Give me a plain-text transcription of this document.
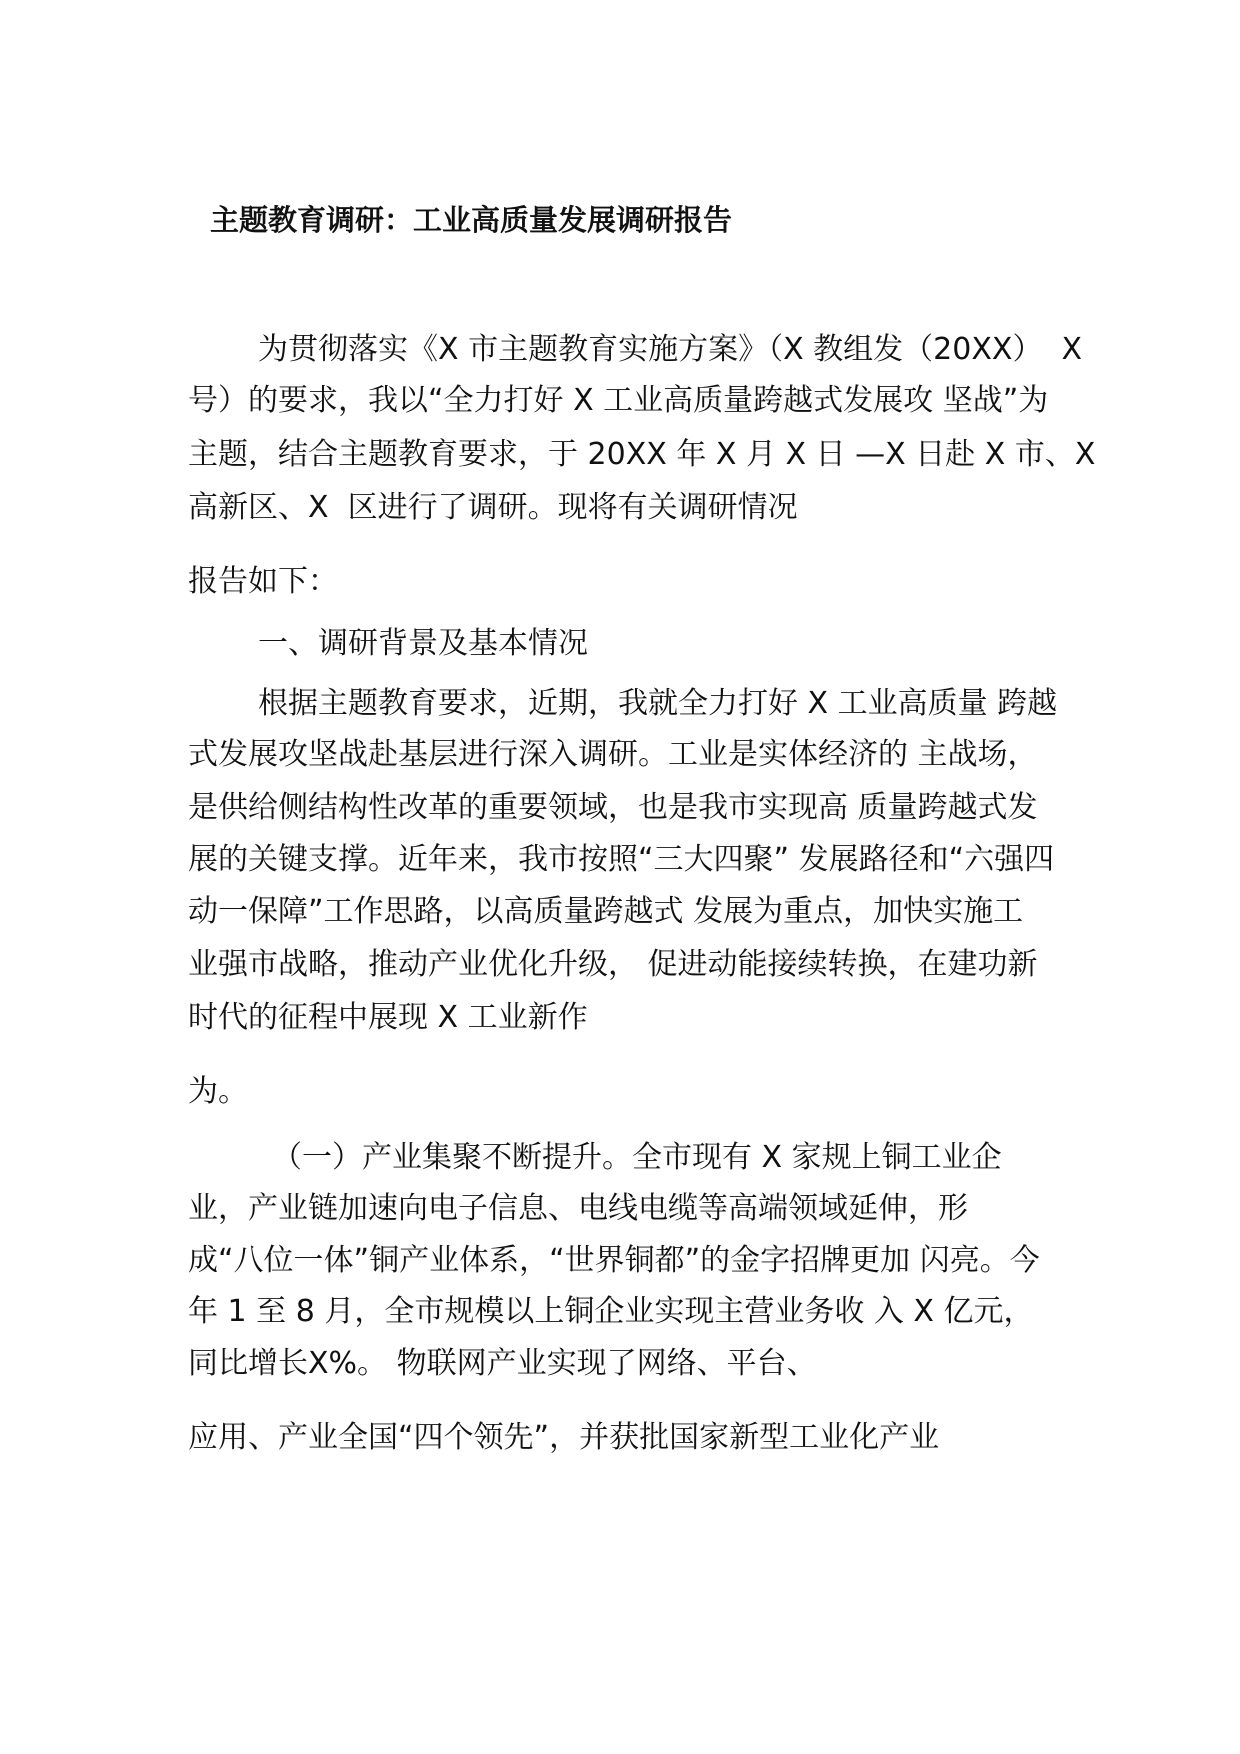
主题教育调研：工业高质量发展调研报告
为贯彻落实《X 市主题教育实施方案》（X 教组发（20XX）  X
号）的要求，我以“全力打好 X 工业高质量跨越式发展攻 坚战”为
主题，结合主题教育要求，于 20XX 年 X 月 X 日 —X 日赴 X 市、X
高新区、X  区进行了调研。现将有关调研情况
报告如下：
一、调研背景及基本情况
根据主题教育要求，近期，我就全力打好 X 工业高质量 跨越
式发展攻坚战赴基层进行深入调研。工业是实体经济的 主战场，
是供给侧结构性改革的重要领域，也是我市实现高 质量跨越式发
展的关键支撑。近年来，我市按照“三大四聚” 发展路径和“六强四
动一保障”工作思路，以高质量跨越式 发展为重点，加快实施工
业强市战略，推动产业优化升级， 促进动能接续转换，在建功新
时代的征程中展现 X 工业新作
为。
（一）产业集聚不断提升。全市现有 X 家规上铜工业企
业，产业链加速向电子信息、电线电缆等高端领域延伸，形
成“八位一体”铜产业体系，“世界铜都”的金字招牌更加 闪亮。今
年 1 至 8 月，全市规模以上铜企业实现主营业务收 入 X 亿元，
同比增长X%。 物联网产业实现了网络、平台、
应用、产业全国“四个领先”，并获批国家新型工业化产业
